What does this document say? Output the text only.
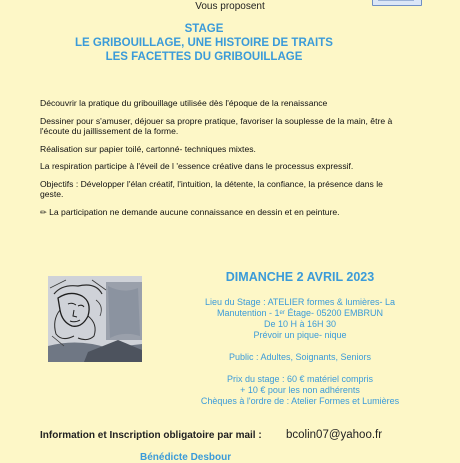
Vous proposent
STAGE
LE GRIBOUILLAGE, UNE HISTOIRE DE TRAITS
LES FACETTES DU GRIBOUILLAGE

Découvrir la pratique du gribouillage utilisée dès l'époque de la renaissance

Dessiner pour s'amuser, déjouer sa propre pratique, favoriser la souplesse de la main, être à l'écoute du jaillissement de la forme.

Réalisation sur papier toilé, cartonné- techniques mixtes.

La respiration participe à l'éveil de l 'essence créative dans le processus expressif.

Objectifs : Développer l'élan créatif, l'intuition, la détente, la confiance, la présence dans le geste.

✏ La participation ne demande aucune connaissance en dessin et en peinture.

DIMANCHE 2 AVRIL 2023
Lieu du Stage : ATELIER formes & lumières- La
Manutention - 1ᵉʳ Étage- 05200 EMBRUN
De 10 H à 16H 30
Prévoir un pique- nique
Public : Adultes, Soignants, Seniors
Prix du stage : 60 € matériel compris
+ 10 € pour les non adhérents
Chèques à l'ordre de : Atelier Formes et Lumières
Information et Inscription obligatoire par mail : bcolin07@yahoo.fr
Bénédicte Desbour
